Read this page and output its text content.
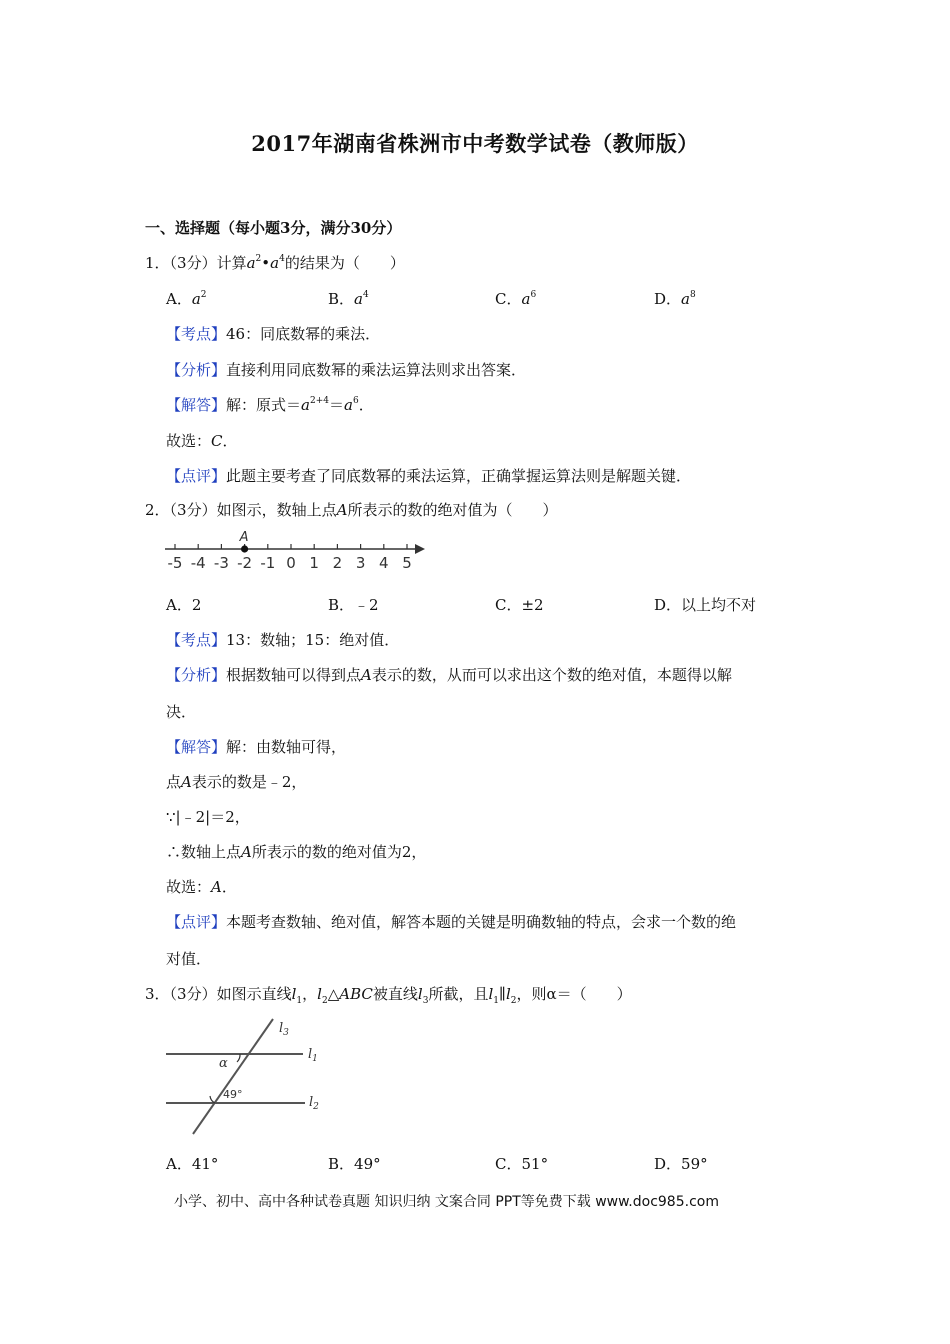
2017年湖南省株洲市中考数学试卷（教师版）
一、选择题（每小题3分，满分30分）
1．（3分）计算$a^2•a^4$的结果为（　　）
A．$a^2$	B．$a^4$	C．$a^6$	D．$a^8$
【考点】46：同底数幂的乘法．
【分析】直接利用同底数幂的乘法运算法则求出答案．
【解答】解：原式$=a^{2+4}=a^6$．
故选：C．
【点评】此题主要考查了同底数幂的乘法运算，正确掌握运算法则是解题关键．
2．（3分）如图示，数轴上点A所表示的数的绝对值为（　　）
-5 -4 -3 -2 -1 0 1 2 3 4 5
A
A．2	B．﹣2	C．±2	D．以上均不对
【考点】13：数轴；15：绝对值．
【分析】根据数轴可以得到点A表示的数，从而可以求出这个数的绝对值，本题得以解
决．
【解答】解：由数轴可得，
点A表示的数是﹣2，
∵|﹣2|＝2，
∴数轴上点A所表示的数的绝对值为2，
故选：A．
【点评】本题考查数轴、绝对值，解答本题的关键是明确数轴的特点，会求一个数的绝
对值．
3．（3分）如图示直线$l_1$，$l_2\triangle ABC$被直线$l_3$所截，且$l_1\parallel l_2$，则α＝（　　）
α
49°
$l_3$
$l_1$
$l_2$
A．41°	B．49°	C．51°	D．59°
小学、初中、高中各种试卷真题 知识归纳 文案合同 PPT等免费下载 www.doc985.com
